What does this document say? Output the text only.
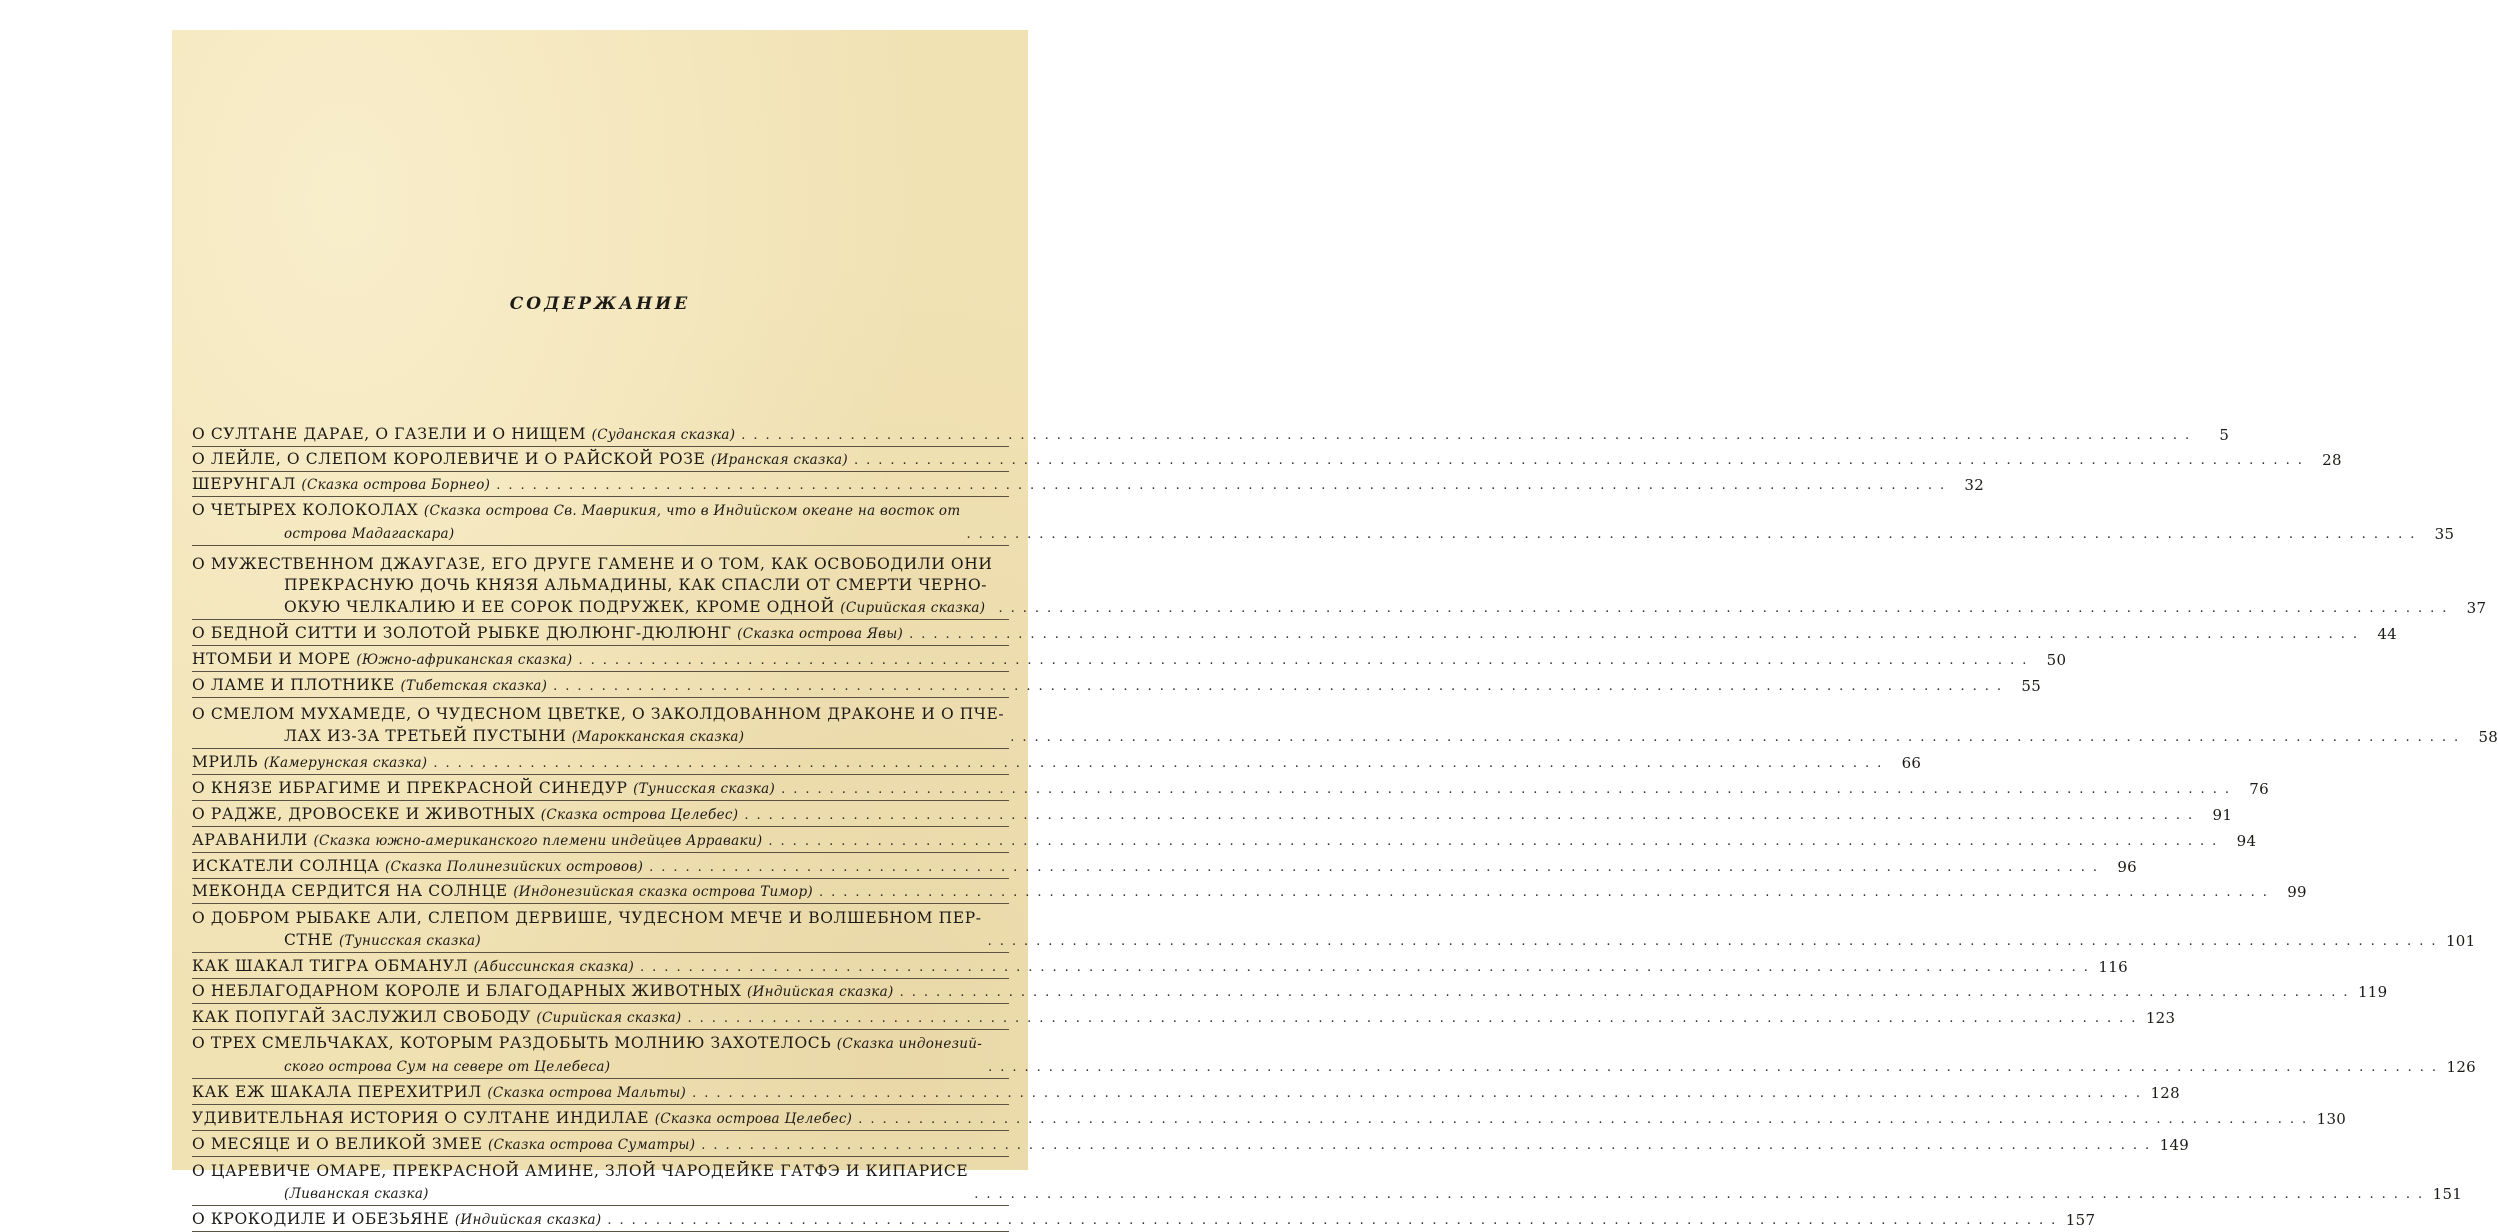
СОДЕРЖАНИЕ
О СУЛТАНЕ ДАРАЕ, О ГАЗЕЛИ И О НИЩЕМ (Суданская сказка) ........................................................................................................................	5
О ЛЕЙЛЕ, О СЛЕПОМ КОРОЛЕВИЧЕ И О РАЙСКОЙ РОЗЕ (Иранская сказка) ........................................................................................................................ 28
ШЕРУНГАЛ (Сказка острова Борнео) ........................................................................................................................ 32
О ЧЕТЫРЕХ КОЛОКОЛАХ (Сказка острова Св. Маврикия, что в Индийском океане на восток от
острова Мадагаскара)	........................................................................................................................ 35
О МУЖЕСТВЕННОМ ДЖАУГАЗЕ, ЕГО ДРУГЕ ГАМЕНЕ И О ТОМ, КАК ОСВОБОДИЛИ ОНИ
ПРЕКРАСНУЮ ДОЧЬ КНЯЗЯ АЛЬМАДИНЫ, КАК СПАСЛИ ОТ СМЕРТИ ЧЕРНО-
ОКУЮ ЧЕЛКАЛИЮ И ЕЕ СОРОК ПОДРУЖЕК, КРОМЕ ОДНОЙ (Сирийская сказка)	........................................................................................................................ 37
О БЕДНОЙ СИТТИ И ЗОЛОТОЙ РЫБКЕ ДЮЛЮНГ-ДЮЛЮНГ (Сказка острова Явы) ........................................................................................................................ 44
НТОМБИ И МОРЕ (Южно-африканская сказка) ........................................................................................................................ 50
О ЛАМЕ И ПЛОТНИКЕ (Тибетская сказка) ........................................................................................................................ 55
О СМЕЛОМ МУХАМЕДЕ, О ЧУДЕСНОМ ЦВЕТКЕ, О ЗАКОЛДОВАННОМ ДРАКОНЕ И О ПЧЕ-
ЛАХ ИЗ-ЗА ТРЕТЬЕЙ ПУСТЫНИ (Марокканская сказка)	........................................................................................................................ 58
МРИЛЬ (Камерунская сказка) ........................................................................................................................ 66
О КНЯЗЕ ИБРАГИМЕ И ПРЕКРАСНОЙ СИНЕДУР (Тунисская сказка) ........................................................................................................................ 76
О РАДЖЕ, ДРОВОСЕКЕ И ЖИВОТНЫХ (Сказка острова Целебес) ........................................................................................................................ 91
АРАВАНИЛИ (Сказка южно-американского племени индейцев Арраваки) ........................................................................................................................ 94
ИСКАТЕЛИ СОЛНЦА (Сказка Полинезийских островов) ........................................................................................................................ 96
МЕКОНДА СЕРДИТСЯ НА СОЛНЦЕ (Индонезийская сказка острова Тимор) ........................................................................................................................ 99
О ДОБРОМ РЫБАКЕ АЛИ, СЛЕПОМ ДЕРВИШЕ, ЧУДЕСНОМ МЕЧЕ И ВОЛШЕБНОМ ПЕР-
СТНЕ (Тунисская сказка)	........................................................................................................................ 101
КАК ШАКАЛ ТИГРА ОБМАНУЛ (Абиссинская сказка) ........................................................................................................................ 116
О НЕБЛАГОДАРНОМ КОРОЛЕ И БЛАГОДАРНЫХ ЖИВОТНЫХ (Индийская сказка) ........................................................................................................................ 119
КАК ПОПУГАЙ ЗАСЛУЖИЛ СВОБОДУ (Сирийская сказка) ........................................................................................................................ 123
О ТРЕХ СМЕЛЬЧАКАХ, КОТОРЫМ РАЗДОБЫТЬ МОЛНИЮ ЗАХОТЕЛОСЬ (Сказка индонезий-
ского острова Сум на севере от Целебеса)	........................................................................................................................ 126
КАК ЕЖ ШАКАЛА ПЕРЕХИТРИЛ (Сказка острова Мальты) ........................................................................................................................ 128
УДИВИТЕЛЬНАЯ ИСТОРИЯ О СУЛТАНЕ ИНДИЛАЕ (Сказка острова Целебес) ........................................................................................................................ 130
О МЕСЯЦЕ И О ВЕЛИКОЙ ЗМЕЕ (Сказка острова Суматры) ........................................................................................................................ 149
О ЦАРЕВИЧЕ ОМАРЕ, ПРЕКРАСНОЙ АМИНЕ, ЗЛОЙ ЧАРОДЕЙКЕ ГАТФЭ И КИПАРИСЕ
(Ливанская сказка)	........................................................................................................................ 151
О КРОКОДИЛЕ И ОБЕЗЬЯНЕ (Индийская сказка) ........................................................................................................................ 157
